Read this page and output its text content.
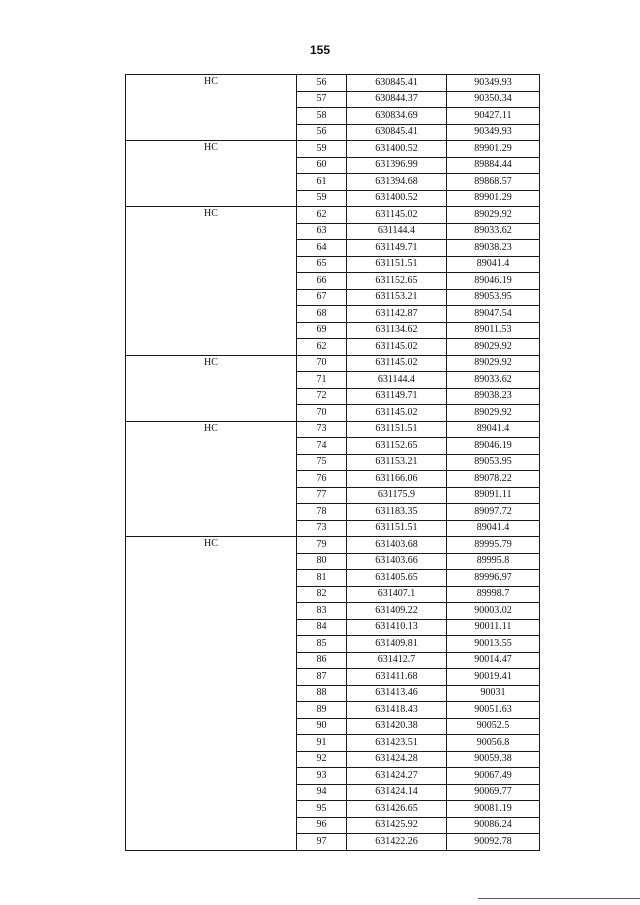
155
НС	56	630845.41	90349.93
	57	630844.37	90350.34
	58	630834.69	90427.11
	56	630845.41	90349.93
НС	59	631400.52	89901.29
	60	631396.99	89884.44
	61	631394.68	89868.57
	59	631400.52	89901.29
НС	62	631145.02	89029.92
	63	631144.4	89033.62
	64	631149.71	89038.23
	65	631151.51	89041.4
	66	631152.65	89046.19
	67	631153.21	89053.95
	68	631142.87	89047.54
	69	631134.62	89011.53
	62	631145.02	89029.92
НС	70	631145.02	89029.92
	71	631144.4	89033.62
	72	631149.71	89038.23
	70	631145.02	89029.92
НС	73	631151.51	89041.4
	74	631152.65	89046.19
	75	631153.21	89053.95
	76	631166.06	89078.22
	77	631175.9	89091.11
	78	631183.35	89097.72
	73	631151.51	89041.4
НС	79	631403.68	89995.79
	80	631403.66	89995.8
	81	631405.65	89996.97
	82	631407.1	89998.7
	83	631409.22	90003.02
	84	631410.13	90011.11
	85	631409.81	90013.55
	86	631412.7	90014.47
	87	631411.68	90019.41
	88	631413.46	90031
	89	631418.43	90051.63
	90	631420.38	90052.5
	91	631423.51	90056.8
	92	631424.28	90059.38
	93	631424.27	90067.49
	94	631424.14	90069.77
	95	631426.65	90081.19
	96	631425.92	90086.24
	97	631422.26	90092.78
